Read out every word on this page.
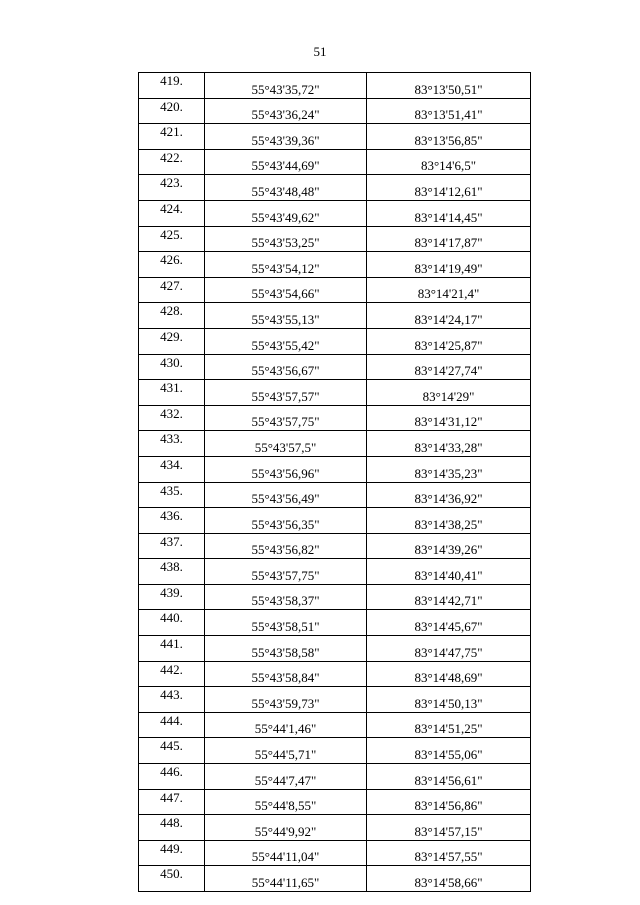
51
419.	55°43'35,72"	83°13'50,51"
420.	55°43'36,24"	83°13'51,41"
421.	55°43'39,36"	83°13'56,85"
422.	55°43'44,69"	83°14'6,5"
423.	55°43'48,48"	83°14'12,61"
424.	55°43'49,62"	83°14'14,45"
425.	55°43'53,25"	83°14'17,87"
426.	55°43'54,12"	83°14'19,49"
427.	55°43'54,66"	83°14'21,4"
428.	55°43'55,13"	83°14'24,17"
429.	55°43'55,42"	83°14'25,87"
430.	55°43'56,67"	83°14'27,74"
431.	55°43'57,57"	83°14'29"
432.	55°43'57,75"	83°14'31,12"
433.	55°43'57,5"	83°14'33,28"
434.	55°43'56,96"	83°14'35,23"
435.	55°43'56,49"	83°14'36,92"
436.	55°43'56,35"	83°14'38,25"
437.	55°43'56,82"	83°14'39,26"
438.	55°43'57,75"	83°14'40,41"
439.	55°43'58,37"	83°14'42,71"
440.	55°43'58,51"	83°14'45,67"
441.	55°43'58,58"	83°14'47,75"
442.	55°43'58,84"	83°14'48,69"
443.	55°43'59,73"	83°14'50,13"
444.	55°44'1,46"	83°14'51,25"
445.	55°44'5,71"	83°14'55,06"
446.	55°44'7,47"	83°14'56,61"
447.	55°44'8,55"	83°14'56,86"
448.	55°44'9,92"	83°14'57,15"
449.	55°44'11,04"	83°14'57,55"
450.	55°44'11,65"	83°14'58,66"
